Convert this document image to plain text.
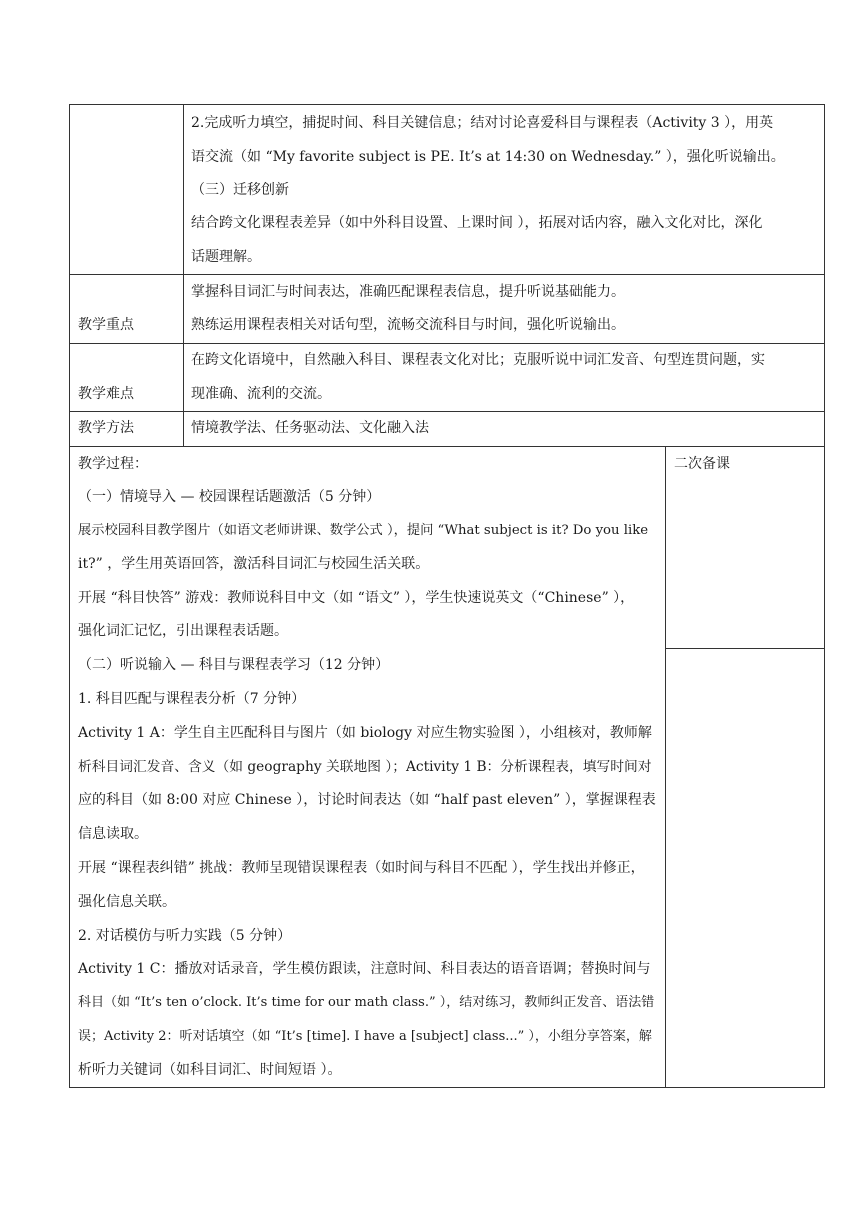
2.完成听力填空，捕捉时间、科目关键信息；结对讨论喜爱科目与课程表（Activity 3 ），用英
语交流（如 “My favorite subject is PE. It’s at 14:30 on Wednesday.” ），强化听说输出。
（三）迁移创新
结合跨文化课程表差异（如中外科目设置、上课时间 ），拓展对话内容，融入文化对比，深化
话题理解。
教学重点
掌握科目词汇与时间表达，准确匹配课程表信息，提升听说基础能力。
熟练运用课程表相关对话句型，流畅交流科目与时间，强化听说输出。
教学难点
在跨文化语境中，自然融入科目、课程表文化对比；克服听说中词汇发音、句型连贯问题，实
现准确、流利的交流。
教学方法	情境教学法、任务驱动法、文化融入法
二次备课
教学过程：
（一）情境导入 — 校园课程话题激活（5 分钟）
展示校园科目教学图片（如语文老师讲课、数学公式 ），提问 “What subject is it? Do you like
it?” ，学生用英语回答，激活科目词汇与校园生活关联。
开展 “科目快答” 游戏：教师说科目中文（如 “语文” ），学生快速说英文（“Chinese” ），
强化词汇记忆，引出课程表话题。
（二）听说输入 — 科目与课程表学习（12 分钟）
1. 科目匹配与课程表分析（7 分钟）
Activity 1 A：学生自主匹配科目与图片（如 biology 对应生物实验图 ），小组核对，教师解
析科目词汇发音、含义（如 geography 关联地图 ）；Activity 1 B：分析课程表，填写时间对
应的科目（如 8:00 对应 Chinese ），讨论时间表达（如 “half past eleven” ），掌握课程表
信息读取。
开展 “课程表纠错” 挑战：教师呈现错误课程表（如时间与科目不匹配 ），学生找出并修正，
强化信息关联。
2. 对话模仿与听力实践（5 分钟）
Activity 1 C：播放对话录音，学生模仿跟读，注意时间、科目表达的语音语调；替换时间与
科目（如 “It’s ten o’clock. It’s time for our math class.” ），结对练习，教师纠正发音、语法错
误；Activity 2：听对话填空（如 “It’s [time]. I have a [subject] class...” ），小组分享答案，解
析听力关键词（如科目词汇、时间短语 ）。
